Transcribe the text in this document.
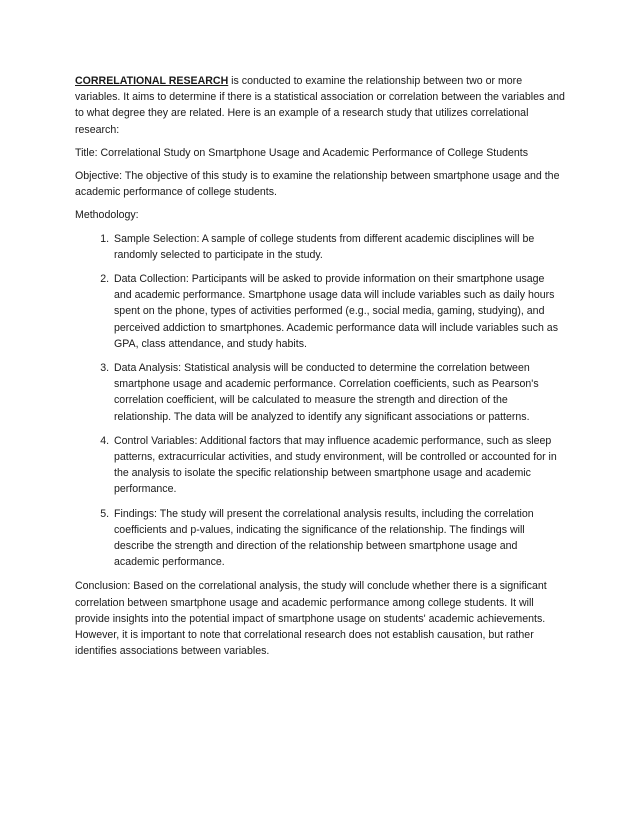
CORRELATIONAL RESEARCH is conducted to examine the relationship between two or more variables. It aims to determine if there is a statistical association or correlation between the variables and to what degree they are related. Here is an example of a research study that utilizes correlational research:

Title: Correlational Study on Smartphone Usage and Academic Performance of College Students

Objective: The objective of this study is to examine the relationship between smartphone usage and the academic performance of college students.

Methodology:

1. Sample Selection: A sample of college students from different academic disciplines will be randomly selected to participate in the study.
2. Data Collection: Participants will be asked to provide information on their smartphone usage and academic performance. Smartphone usage data will include variables such as daily hours spent on the phone, types of activities performed (e.g., social media, gaming, studying), and perceived addiction to smartphones. Academic performance data will include variables such as GPA, class attendance, and study habits.
3. Data Analysis: Statistical analysis will be conducted to determine the correlation between smartphone usage and academic performance. Correlation coefficients, such as Pearson's correlation coefficient, will be calculated to measure the strength and direction of the relationship. The data will be analyzed to identify any significant associations or patterns.
4. Control Variables: Additional factors that may influence academic performance, such as sleep patterns, extracurricular activities, and study environment, will be controlled or accounted for in the analysis to isolate the specific relationship between smartphone usage and academic performance.
5. Findings: The study will present the correlational analysis results, including the correlation coefficients and p-values, indicating the significance of the relationship. The findings will describe the strength and direction of the relationship between smartphone usage and academic performance.

Conclusion: Based on the correlational analysis, the study will conclude whether there is a significant correlation between smartphone usage and academic performance among college students. It will provide insights into the potential impact of smartphone usage on students' academic achievements. However, it is important to note that correlational research does not establish causation, but rather identifies associations between variables.
